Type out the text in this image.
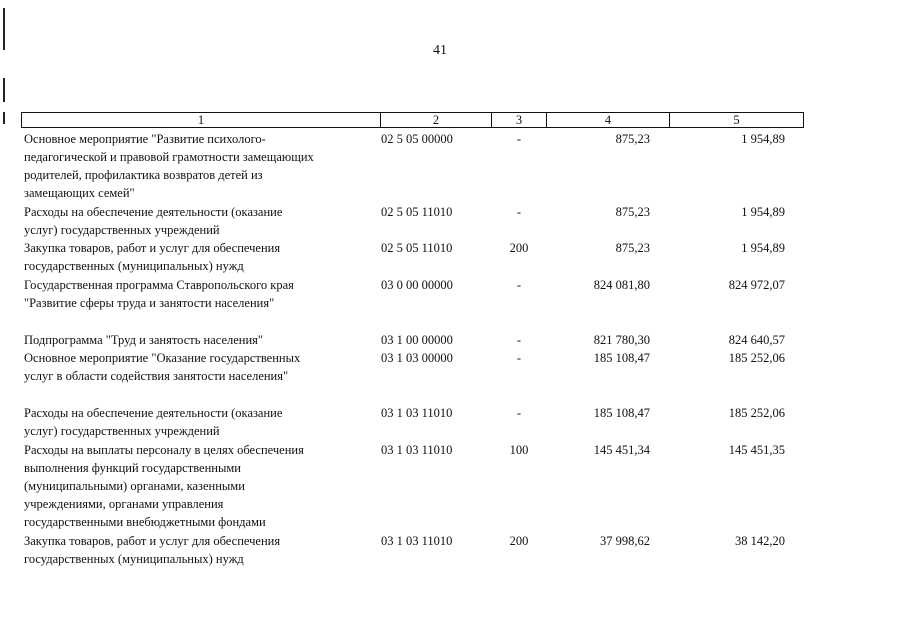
41
1	2	3	4	5
Основное мероприятие "Развитие психолого-
педагогической и правовой грамотности замещающих
родителей, профилактика возвратов детей из
замещающих семей"
02 5 05 00000	-	875,23	1 954,89
Расходы на обеспечение деятельности (оказание
услуг) государственных учреждений
02 5 05 11010	-	875,23	1 954,89
Закупка товаров, работ и услуг для обеспечения
государственных (муниципальных) нужд
02 5 05 11010	200	875,23	1 954,89
Государственная программа Ставропольского края
"Развитие сферы труда и занятости населения"
03 0 00 00000	-	824 081,80	824 972,07
Подпрограмма "Труд и занятость населения"	03 1 00 00000	-	821 780,30	824 640,57
Основное мероприятие "Оказание государственных
услуг в области содействия занятости населения"
03 1 03 00000	-	185 108,47	185 252,06
Расходы на обеспечение деятельности (оказание
услуг) государственных учреждений
03 1 03 11010	-	185 108,47	185 252,06
Расходы на выплаты персоналу в целях обеспечения
выполнения функций государственными
(муниципальными) органами, казенными
учреждениями, органами управления
государственными внебюджетными фондами
03 1 03 11010	100	145 451,34	145 451,35
Закупка товаров, работ и услуг для обеспечения
государственных (муниципальных) нужд
03 1 03 11010	200	37 998,62	38 142,20
